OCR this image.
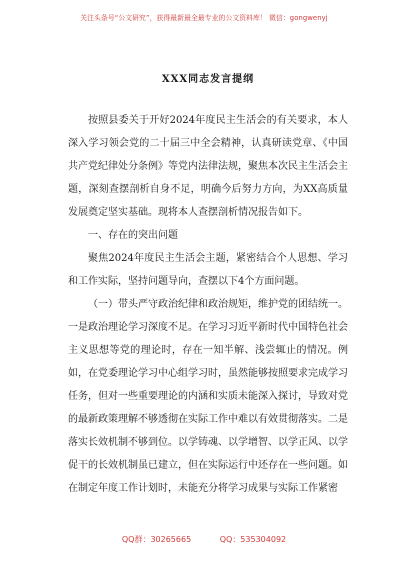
关注头条号“公文研究”，获得最新最全最专业的公文资料库！ 微信：gongwenyj
XXX同志发言提纲

按照县委关于开好2024年度民主生活会的有关要求，本人深入学习领会党的二十届三中全会精神，认真研读党章、《中国共产党纪律处分条例》等党内法律法规，聚焦本次民主生活会主题，深刻查摆剖析自身不足，明确今后努力方向，为XX高质量发展奠定坚实基础。现将本人查摆剖析情况报告如下。

一、存在的突出问题

聚焦2024年度民主生活会主题，紧密结合个人思想、学习和工作实际，坚持问题导向，查摆以下4个方面问题。

（一）带头严守政治纪律和政治规矩，维护党的团结统一。一是政治理论学习深度不足。在学习习近平新时代中国特色社会主义思想等党的理论时，存在一知半解、浅尝辄止的情况。例如，在党委理论学习中心组学习时，虽然能够按照要求完成学习任务，但对一些重要理论的内涵和实质未能深入探讨，导致对党的最新政策理解不够透彻在实际工作中难以有效贯彻落实。二是落实长效机制不够到位。以学铸魂、以学增智、以学正风、以学促干的长效机制虽已建立，但在实际运行中还存在一些问题。如在制定年度工作计划时，未能充分将学习成果与实际工作紧密

QQ群：30265665	QQ：535304092
